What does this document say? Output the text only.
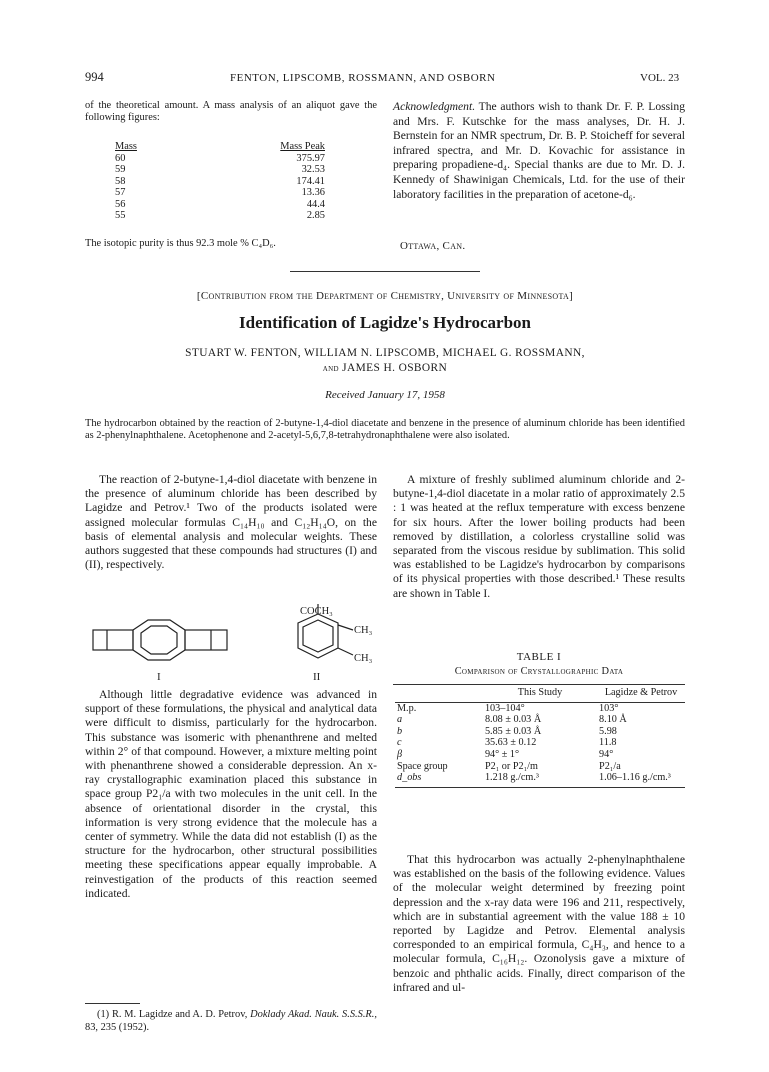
994	FENTON, LIPSCOMB, ROSSMANN, AND OSBORN	VOL. 23
of the theoretical amount. A mass analysis of an aliquot gave the following figures:
Mass	Mass Peak
60	375.97
59	32.53
58	174.41
57	13.36
56	44.4
55	2.85
The isotopic purity is thus 92.3 mole % C₄D₆.
Acknowledgment. The authors wish to thank Dr. F. P. Lossing and Mrs. F. Kutschke for the mass analyses, Dr. H. J. Bernstein for an NMR spectrum, Dr. B. P. Stoicheff for several infrared spectra, and Mr. D. Kovachic for assistance in preparing propadiene-d₄. Special thanks are due to Mr. D. J. Kennedy of Shawinigan Chemicals, Ltd. for the use of their laboratory facilities in the preparation of acetone-d₆.
Ottawa, Can.
[Contribution from the Department of Chemistry, University of Minnesota]
Identification of Lagidze's Hydrocarbon
STUART W. FENTON, WILLIAM N. LIPSCOMB, MICHAEL G. ROSSMANN,
and JAMES H. OSBORN
Received January 17, 1958
The hydrocarbon obtained by the reaction of 2-butyne-1,4-diol diacetate and benzene in the presence of aluminum chloride has been identified as 2-phenylnaphthalene. Acetophenone and 2-acetyl-5,6,7,8-tetrahydronaphthalene were also isolated.
The reaction of 2-butyne-1,4-diol diacetate with benzene in the presence of aluminum chloride has been described by Lagidze and Petrov.¹ Two of the products isolated were assigned molecular formulas C₁₄H₁₀ and C₁₂H₁₄O, on the basis of elemental analysis and molecular weights. These authors suggested that these compounds had structures (I) and (II), respectively.
COCH₃
CH₃
CH₃
I	II
Although little degradative evidence was advanced in support of these formulations, the physical and analytical data were difficult to dismiss, particularly for the hydrocarbon. This substance was isomeric with phenanthrene and melted within 2° of that compound. However, a mixture melting point with phenanthrene showed a considerable depression. An x-ray crystallographic examination placed this substance in space group P2₁/a with two molecules in the unit cell. In the absence of orientational disorder in the crystal, this information is very strong evidence that the molecule has a center of symmetry. While the data did not establish (I) as the structure for the hydrocarbon, other structural possibilities meeting these specifications appear equally improbable. A reinvestigation of the products of this reaction seemed indicated.
(1) R. M. Lagidze and A. D. Petrov, Doklady Akad. Nauk. S.S.S.R., 83, 235 (1952).
A mixture of freshly sublimed aluminum chloride and 2-butyne-1,4-diol diacetate in a molar ratio of approximately 2.5 : 1 was heated at the reflux temperature with excess benzene for six hours. After the lower boiling products had been removed by distillation, a colorless crystalline solid was separated from the viscous residue by sublimation. This solid was established to be Lagidze's hydrocarbon by comparisons of its physical properties with those described.¹ These results are shown in Table I.
TABLE I
Comparison of Crystallographic Data
	This Study	Lagidze & Petrov

M.p.	103–104°	103°
a	8.08 ± 0.03 Å	8.10 Å
b	5.85 ± 0.03 Å	5.98
c	35.63 ± 0.12	11.8
β	94° ± 1°	94°
Space group	P2₁ or P2₁/m	P2₁/a
d_obs	1.218 g./cm.³	1.06–1.16 g./cm.³

That this hydrocarbon was actually 2-phenylnaphthalene was established on the basis of the following evidence. Values of the molecular weight determined by freezing point depression and the x-ray data were 196 and 211, respectively, which are in substantial agreement with the value 188 ± 10 reported by Lagidze and Petrov. Elemental analysis corresponded to an empirical formula, C₄H₃, and hence to a molecular formula, C₁₆H₁₂. Ozonolysis gave a mixture of benzoic and phthalic acids. Finally, direct comparison of the infrared and ul-
